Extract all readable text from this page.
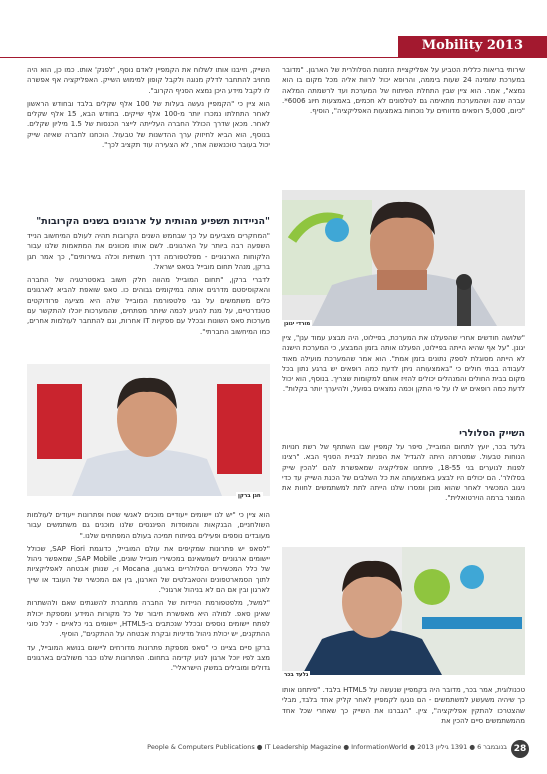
Mobility 2013

שירותי בריאות כללית הטביע על אפליקציית הזמנות הסלולרית של הארגון. "מדובר במערכת שזמינה 24 שעות ביממה, והרופא יכול לרוות אליה מכל מקום בו הוא נמצא", אמר. הוא ציין שבין התחלת הפיתוח של המערכת ועד לרשמתה המלאה עברה שנה ושהמערכת מתאימה גם לטלפונים לא חכמים, באמצעות חיוג 6006*. "כיום, 5,000 רופאים מדווחים על נוכחות באמצעות האפליקציה", הוסיף.

מורדי יגונן

"שלושה חודשים אחרי שהפעלנו את המערכת, בפיילוט, היה מבצע עמוד ענן", ציין יגונן. "על אף שהיא הייתה בפיילוט, הפעלנו אותה בזמן המבצע, כי המערכת הישנה לא הייתה מסוגלת לספק נתונים בזמן אמת". הוא אמר שהמערכת מועילה מאוד לעבודה בבתי חולים כי "באמצעותה ניתן לדעת כמה רופאים יש ברגע נתון בכל מקום בבית החולים והמנהלים יכולים להזיז אותם למקומות שצריך. בנוסף, הוא יכול לדעת כמה רופאים יש לו על פי התקן וכמה נמצאים בפועל, ולהיערך יותר בקלות".

השייק הסלולרי

גלעד בכר, יועץ לתחום המובייל, סיפר על קמפיין שבו השתתף של רשת חנויות הנוחות טבעול. שמטרתה היתה להגדיל את הפניות לבניית הסניף הבא. "רצינו לפנות לנוערים בני 18-55, פיתחנו אפליקציה שמאפשרת להם 'להכין שייק בסלולר'. הם יכולים היו לבצע באמצעותה את כל השלבים של הכנת השייק עד כדי ניגוב המכשיר לאחר שהוא מוכן ומסרו שלנו הייתה לתת למשתמשים לחוות את המוצר ברמה הוירטואלית".

גלעד בכר

טכנולוגית, אמר בכר, מדובר היה בקמפיין שנעשה על HTML5 בלבד. "פיתחנו אותו כך שיהיה משעשע למשתמשים - הם נוגעו לקמפיין לאחר קליק אחד בלבד, מבלי שהצטרכו להתקין אפליקציה", ציין. "הגברנו את השייק כך שאחרי שכל אחד מהמשתמשים סיים להכין את

השייק, חייבנו אותו לשלוח את הקמפיין לאדם נוסף, 'לפנק' אותו. כמו כן, הוא היה מחויב להתחבר לדלק מנוגה ולקבל קופון למימוש השייק. האפליקציה אף אפשרה לו לקבל מידע היכן נמצא הסניף הקרוב".

הוא ציין כי "הקמפיין נעשה בעלות של 100 אלף שקלים בלבד ובחודש הראשון לאחר התחלתו נמכרו יותר מ-100 אלף שייקים. בחודש הבא, 15 אלף שקלים לאחר. מכאן שדרך הכולל החברה העלייתה לייצר הכנסות של 1.5 מיליון שקלים. בנוסף, הוא הביא לחיזוק ערך ההדשנות של טבעול. הוכחנו לחברה שאיזה שייק יכול בעובר טוכנאשה אחר, לא הצעירה עוד תקציב לכך".

"הניידות תשפיע מהותית על ארגונים בשנים הקרובות"

"המחקרים מצביעים על כך שבחמש השנים הקרובות תהיה לעולם המיחשוב הנייד השפעה רבה ביותר על הארגונים. לשם אותו מכוונים את המתאמות שלנו עבור הלקוחות הארגוניים - מפלטפורמה דרך תשתיות וכלה בשירותים", כך אמר חגן ברקן, מנהל תחום מובייל בסאפ ישראל.

לדברי ברקן, "תחום המובייל מהווה חלק חשוב באסטרטגיה של החברה והאקוסיסטם מדרגים אותה במיקומים גבוהים כו. סאפ שואפת להביא לארגונים כלים משתמשים על גבי פלטפורמת המובייל שלה היא מציעה פרודוקטים סטנדרטיים, על מנת להגיע לכמה שיותר מפתחים, שהמערכות יוכלו להתקשר עם מערכות סאפ השונות ובכלל עם ספקיות IT אחרות, וגם להתחבר לעולמות אחרים, כמו המיחשוב החברתי".

חגן ברקן

הוא ציין כי "יש לנו יישומים ייעודיים מוכנים לאנשי שטח ופתרונות ייעודים לעולמות השולחניים, הבנקאות והמוסדות הפיננסים שלנו מוכנים גם משתמשים עבור מעובדים נוספים ופעילים בפיתוח תמיכה בעולם המפתחים שלנו."

"לסאפ יש פתרונות שמקיפים את עולם המובייל, כדוגמת SAP Fiori, שכולל יישומים ארגוניים לשמשאינם במכשירי מובייל שונים, SAP Mobile, שמאפשר ניהול של כלל המכשירים הסלולריים בארגון, Mocana ו-, שנותן אבטחה לאפליקציות לתוך הסמארטפונים והטאבלטים של הארגון, בין אם המכשיר של העובד או שייך לארגון ובין אם הם לא בניהול ארגוני".

"למשל, מלפטפורמת הניידות של החברה מתחברת להשגתים שאם ולהשתרות שאינן סאפ. למולה היא מאפשרת חיבור של כל מקורות המידע ומספקת יכולת לפתח יישומים נוספים ובכלל שנכתבים ב-HTML5, יישומים בני כלאיים - לכל סוגי ההתקנים, יש יכולת ניהול מדיניות ובקרת אבטחה על ההתקנים", הוסיף.

ברקן סיים בציינו כי "סאפ מספקת פתרונות מדורחים ליישום בנושא המובייל, עד מצב לפיו יוכל ארגון לנוע קדימה בתחום. הפתרונות שלנו כבר משולבים בארגונים גדולים ומובילים במשק הישראלי".

28
People & Computers Publications ● IT Leadership Magazine ● InformationWorld ● 2013 בנובמבר 6 ● 1391 גיליון
